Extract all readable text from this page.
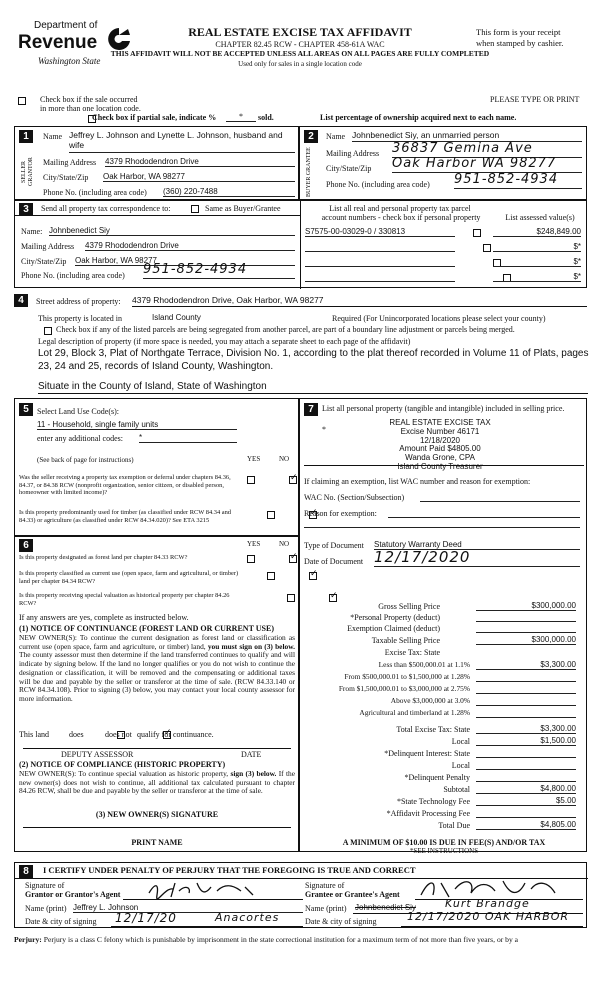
Department of
Revenue
Washington State
REAL ESTATE EXCISE TAX AFFIDAVIT
CHAPTER 82.45 RCW - CHAPTER 458-61A WAC
This form is your receipt
when stamped by cashier.
THIS AFFIDAVIT WILL NOT BE ACCEPTED UNLESS ALL AREAS ON ALL PAGES ARE FULLY COMPLETED
Used only for sales in a single location code

Check box if the sale occurred
in more than one location code.
PLEASE TYPE OR PRINT
Check box if partial sale, indicate %	*	sold.	List percentage of ownership acquired next to each name.
1
SELLER GRANTOR
Name Jeffrey L. Johnson and Lynette L. Johnson, husband and wife
Mailing Address 4379 Rhododendron Drive
City/State/Zip Oak Harbor, WA 98277
Phone No. (including area code) (360) 220-7488
2
BUYER GRANTEE
Name Johnbenedict Siy, an unmarried person
Mailing Address 36837 Gemina Ave
City/State/Zip Oak Harbor WA 98277
Phone No. (including area code) 951-852-4934
3	Send all property tax correspondence to:
	Same as Buyer/Grantee
Name: Johnbenedict Siy
Mailing Address 4379 Rhododendron Drive
City/State/Zip Oak Harbor, WA 98277
Phone No. (including area code) 951-852-4934
List all real and personal property tax parcel
account numbers - check box if personal property	List assessed value(s)
S7575-00-03029-0 / 330813
	$248,849.00

$*

$*
$*
4	Street address of property: 4379 Rhododendron Drive, Oak Harbor, WA 98277
This property is located in	Island County	Required (For Unincorporated locations please select your county)
Check box if any of the listed parcels are being segregated from another parcel, are part of a boundary line adjustment or parcels being merged.
Legal description of property (if more space is needed, you may attach a separate sheet to each page of the affidavit)
Lot 29, Block 3, Plat of Northgate Terrace, Division No. 1, according to the plat thereof recorded in Volume 11 of Plats, pages 23, 24 and 25, records of Island County, Washington.
Situate in the County of Island, State of Washington
5	Select Land Use Code(s):
11 - Household, single family units
enter any additional codes: *
(See back of page for instructions)	YES	NO
Was the seller receiving a property tax exemption or deferral under chapters 84.36, 84.37, or 84.38 RCW (nonprofit organization, senior citizen, or disabled person, homeowner with limited income)?
✓
Is this property predominantly used for timber (as classified under RCW 84.34 and 84.33) or agriculture (as classified under RCW 84.34.020)? See ETA 3215
✓
6	YES	NO
Is this property designated as forest land per chapter 84.33 RCW?
✓
Is this property classified as current use (open space, farm and agricultural, or timber) land per chapter 84.34 RCW?
✓
Is this property receiving special valuation as historical property per chapter 84.26 RCW?
✓
If any answers are yes, complete as instructed below.
(1) NOTICE OF CONTINUANCE (FOREST LAND OR CURRENT USE)
NEW OWNER(S): To continue the current designation as forest land or classification as current use (open space, farm and agriculture, or timber) land, you must sign on (3) below. The county assessor must then determine if the land transferred continues to qualify and will indicate by signing below. If the land no longer qualifies or you do not wish to continue the designation or classification, it will be removed and the compensating or additional taxes will be due and payable by the seller or transferor at the time of sale. (RCW 84.33.140 or RCW 84.34.108). Prior to signing (3) below, you may contact your local county assessor for more information.
This land
	does
✓	does not qualify for continuance.
DEPUTY ASSESSOR	DATE
(2) NOTICE OF COMPLIANCE (HISTORIC PROPERTY)
NEW OWNER(S): To continue special valuation as historic property, sign (3) below. If the new owner(s) does not wish to continue, all additional tax calculated pursuant to chapter 84.26 RCW, shall be due and payable by the seller or transferor at the time of sale.
(3) NEW OWNER(S) SIGNATURE
PRINT NAME
7	List all personal property (tangible and intangible) included in selling price.
*
REAL ESTATE EXCISE TAX
Excise Number 46171
12/18/2020
Amount Paid $4805.00
Wanda Grone, CPA
Island County Treasurer
If claiming an exemption, list WAC number and reason for exemption:
WAC No. (Section/Subsection)
Reason for exemption:
Type of Document Statutory Warranty Deed
Date of Document 12/17/2020
Gross Selling Price	$300,000.00
*Personal Property (deduct)
Exemption Claimed (deduct)
Taxable Selling Price	$300,000.00
Excise Tax: State
Less than $500,000.01 at 1.1%	$3,300.00
From $500,000.01 to $1,500,000 at 1.28%
From $1,500,000.01 to $3,000,000 at 2.75%
Above $3,000,000 at 3.0%
Agricultural and timberland at 1.28%
Total Excise Tax: State	$3,300.00
Local	$1,500.00
*Delinquent Interest: State
Local
*Delinquent Penalty
Subtotal	$4,800.00
*State Technology Fee	$5.00
*Affidavit Processing Fee
Total Due	$4,805.00
A MINIMUM OF $10.00 IS DUE IN FEE(S) AND/OR TAX
*SEE INSTRUCTIONS
8	I CERTIFY UNDER PENALTY OF PERJURY THAT THE FOREGOING IS TRUE AND CORRECT
Signature of
Grantor or Grantor's Agent
Name (print) Jeffrey L. Johnson
Date & city of signing 12/17/20	Anacortes
Signature of
Grantee or Grantee's Agent
Name (print) Johnbenedict Siy	Kurt Brandge
Date & city of signing	12/17/2020 OAK HARBOR
Perjury: Perjury is a class C felony which is punishable by imprisonment in the state correctional institution for a maximum term of not more than five years, or by a
